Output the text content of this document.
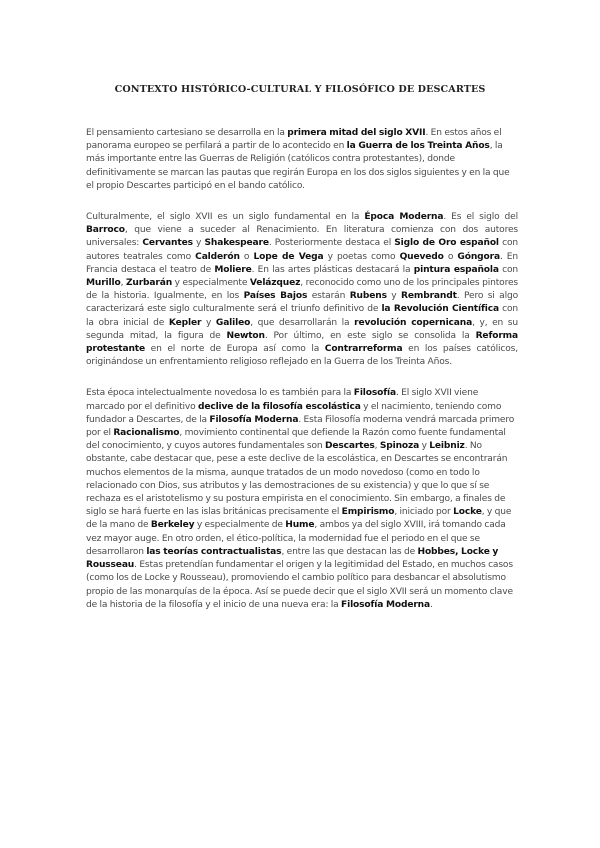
CONTEXTO HISTÓRICO-CULTURAL Y FILOSÓFICO DE DESCARTES

El pensamiento cartesiano se desarrolla en la primera mitad del siglo XVII. En estos años el panorama europeo se perfilará a partir de lo acontecido en la Guerra de los Treinta Años, la más importante entre las Guerras de Religión (católicos contra protestantes), donde definitivamente se marcan las pautas que regirán Europa en los dos siglos siguientes y en la que el propio Descartes participó en el bando católico.

Culturalmente, el siglo XVII es un siglo fundamental en la Época Moderna. Es el siglo del Barroco, que viene a suceder al Renacimiento. En literatura comienza con dos autores universales: Cervantes y Shakespeare. Posteriormente destaca el Siglo de Oro español con autores teatrales como Calderón o Lope de Vega y poetas como Quevedo o Góngora. En Francia destaca el teatro de Moliere. En las artes plásticas destacará la pintura española con Murillo, Zurbarán y especialmente Velázquez, reconocido como uno de los principales pintores de la historia. Igualmente, en los Países Bajos estarán Rubens y Rembrandt. Pero si algo caracterizará este siglo culturalmente será el triunfo definitivo de la Revolución Científica con la obra inicial de Kepler y Galileo, que desarrollarán la revolución copernicana, y, en su segunda mitad, la figura de Newton. Por último, en este siglo se consolida la Reforma protestante en el norte de Europa así como la Contrarreforma en los países católicos, originándose un enfrentamiento religioso reflejado en la Guerra de los Treinta Años.

Esta época intelectualmente novedosa lo es también para la Filosofía. El siglo XVII viene marcado por el definitivo declive de la filosofía escolástica y el nacimiento, teniendo como fundador a Descartes, de la Filosofía Moderna. Esta Filosofía moderna vendrá marcada primero por el Racionalismo, movimiento continental que defiende la Razón como fuente fundamental del conocimiento, y cuyos autores fundamentales son Descartes, Spinoza y Leibniz. No obstante, cabe destacar que, pese a este declive de la escolástica, en Descartes se encontrarán muchos elementos de la misma, aunque tratados de un modo novedoso (como en todo lo relacionado con Dios, sus atributos y las demostraciones de su existencia) y que lo que sí se rechaza es el aristotelismo y su postura empirista en el conocimiento. Sin embargo, a finales de siglo se hará fuerte en las islas británicas precisamente el Empirismo, iniciado por Locke, y que de la mano de Berkeley y especialmente de Hume, ambos ya del siglo XVIII, irá tomando cada vez mayor auge. En otro orden, el ético-política, la modernidad fue el periodo en el que se desarrollaron las teorías contractualistas, entre las que destacan las de Hobbes, Locke y Rousseau. Estas pretendían fundamentar el origen y la legitimidad del Estado, en muchos casos (como los de Locke y Rousseau), promoviendo el cambio político para desbancar el absolutismo propio de las monarquías de la época. Así se puede decir que el siglo XVII será un momento clave de la historia de la filosofía y el inicio de una nueva era: la Filosofía Moderna.
